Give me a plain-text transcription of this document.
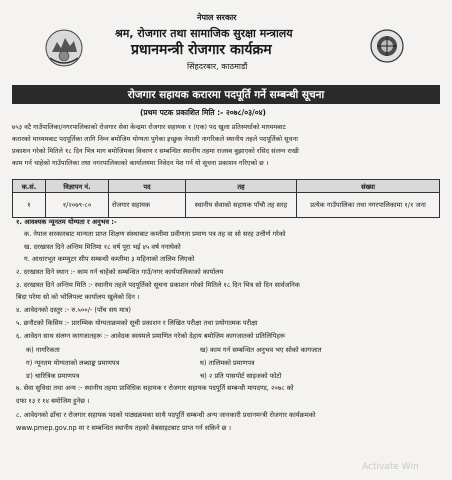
नेपाल सरकार
श्रम, रोजगार तथा सामाजिक सुरक्षा मन्त्रालय
प्रधानमन्त्री रोजगार कार्यक्रम
सिंहदरबार, काठमाडौं
रोजगार सहायक करारमा पदपूर्ति गर्ने सम्बन्धी सूचना
(प्रथम पटक प्रकाशित मिति :- २०७८/०३/०४)
७५३ वटै गाउँपालिका/नगरपालिकाको रोजगार सेवा केन्द्रमा रोजगार सहायक १ (एक) पद खुला प्रतिस्पर्धाको माध्यमबाट
करारको माध्यमबाट पदपूर्तिका लागि निम्न बमोजिम योग्यता पुगेका इच्छुक नेपाली नागरिकले स्थानीय तहले पदपूर्तिको सूचना
प्रकाशन गरेको मितिले १८ दिन भित्र माग बमोजिमका विवरण र सम्बन्धित स्थानीय तहमा राजस्व बुझाएको रसिद संलग्न राखी
काम गर्न चाहेको गाउँपालिका तथा नगरपालिकाको कार्यालयमा निवेदन पेश गर्न यो सूचना प्रकाशन गरिएको छ ।
क.सं.	विज्ञापन नं.	पद	तह	संख्या
१	१/२०७९-८०	रोजगार सहायक	स्थानीय सेवाको सहायक पाँचौ तह सरह	प्रत्येक गाउँपालिका तथा नगरपालिकामा १/१ जना
१. आवश्यक न्यूनतम योग्यता र अनुभव :-
क. नेपाल सरकारबाट मान्यता प्राप्त शिक्षण संस्थाबाट कम्तीमा प्रवीणता प्रमाण पत्र तह वा सो सरह उत्तीर्ण गरेको
ख. दरखास्त दिने अन्तिम मितिमा १८ वर्ष पूरा भई ४५ वर्ष ननाघेको
ग. आधारभूत कम्प्युटर सीप सम्बन्धी कम्तीमा ३ महिनाको तालिम लिएको
२. दरखास्त दिने स्थान :- काम गर्न चाहेको सम्बन्धित गाउँ/नगर कार्यपालिकाको कार्यालय
३. दरखास्त दिने अन्तिम मिति :- स्थानीय तहले पदपूर्तिको सूचना प्रकाशन गरेको मितिले १८ दिन भित्र सो दिन सार्वजनिक
बिदा परेमा सो को भोलिपल्ट कार्यालय खुलेको दिन ।
४. आवेदनको दस्तुर :- रु.५००/- (पाँच सय मात्र)
५. छनौटको किसिम :- प्रारम्भिक योग्यताक्रमको सूची प्रकाशन र लिखित परीक्षा तथा प्रयोगात्मक परीक्षा
६. आवेदन साथ संलग्न कागजातहरू :- आवेदक स्वयमले प्रमाणित गरेको देहाय बमोजिम कागजातको प्रतिलिपिहरू
क) नागरिकता	ख) काम गर्न सम्बन्धित अनुभव भए सोको कागजात
ग) न्यूनतम योग्यताको लब्धाङ्क प्रमाणपत्र	घ) तालिमको प्रमाणपत्र
ङ) चारित्रिक प्रमाणपत्र	च) २ प्रति पासपोर्ट साइजको फोटो
७. सेवा सुविधा तथा अन्य :- स्थानीय तहमा प्राविधिक सहायक र रोजगार सहायक पदपूर्ति सम्बन्धी मापदण्ड, २०७८ को
दफा १३ र १४ बमोजिम हुनेछ ।
८. आवेदनको ढाँचा र रोजगार सहायक पदको पाठ्यक्रमका साथै पदपूर्ति सम्बन्धी अन्य जानकारी प्रधानमन्त्री रोजगार कार्यक्रमको
www.pmep.gov.np मा र सम्बन्धित स्थानीय तहको वेबसाइटबाट प्राप्त गर्न सकिने छ ।
Activate Win
